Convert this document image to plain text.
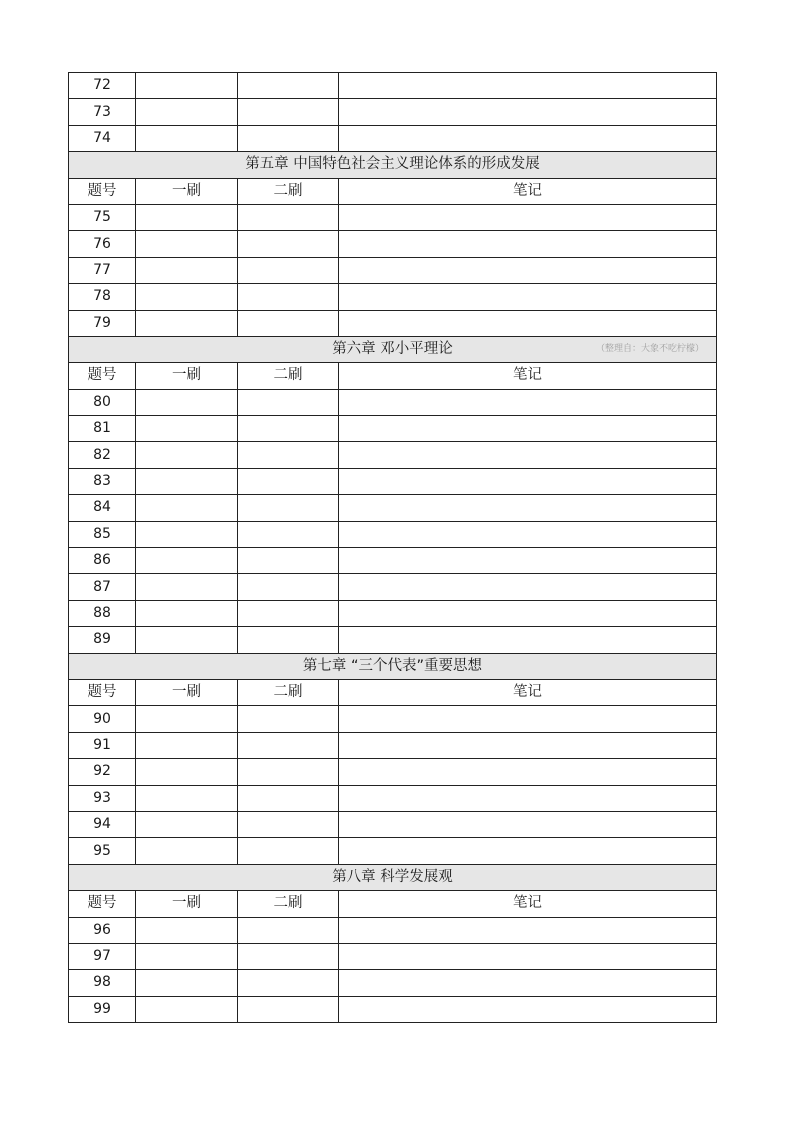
72			
73			
74			
第五章 中国特色社会主义理论体系的形成发展			
题号	一刷	二刷	笔记
75			
76			
77			
78			
79			
第六章 邓小平理论 （整理自：大象不吃柠檬）			

题号	一刷	二刷	笔记
80			
81			
82			
83			
84			
85			
86			
87			
88			
89			
第七章 “三个代表”重要思想			
题号	一刷	二刷	笔记
90			
91			
92			
93			
94			
95			
第八章 科学发展观			
题号	一刷	二刷	笔记
96			
97			
98			
99			
